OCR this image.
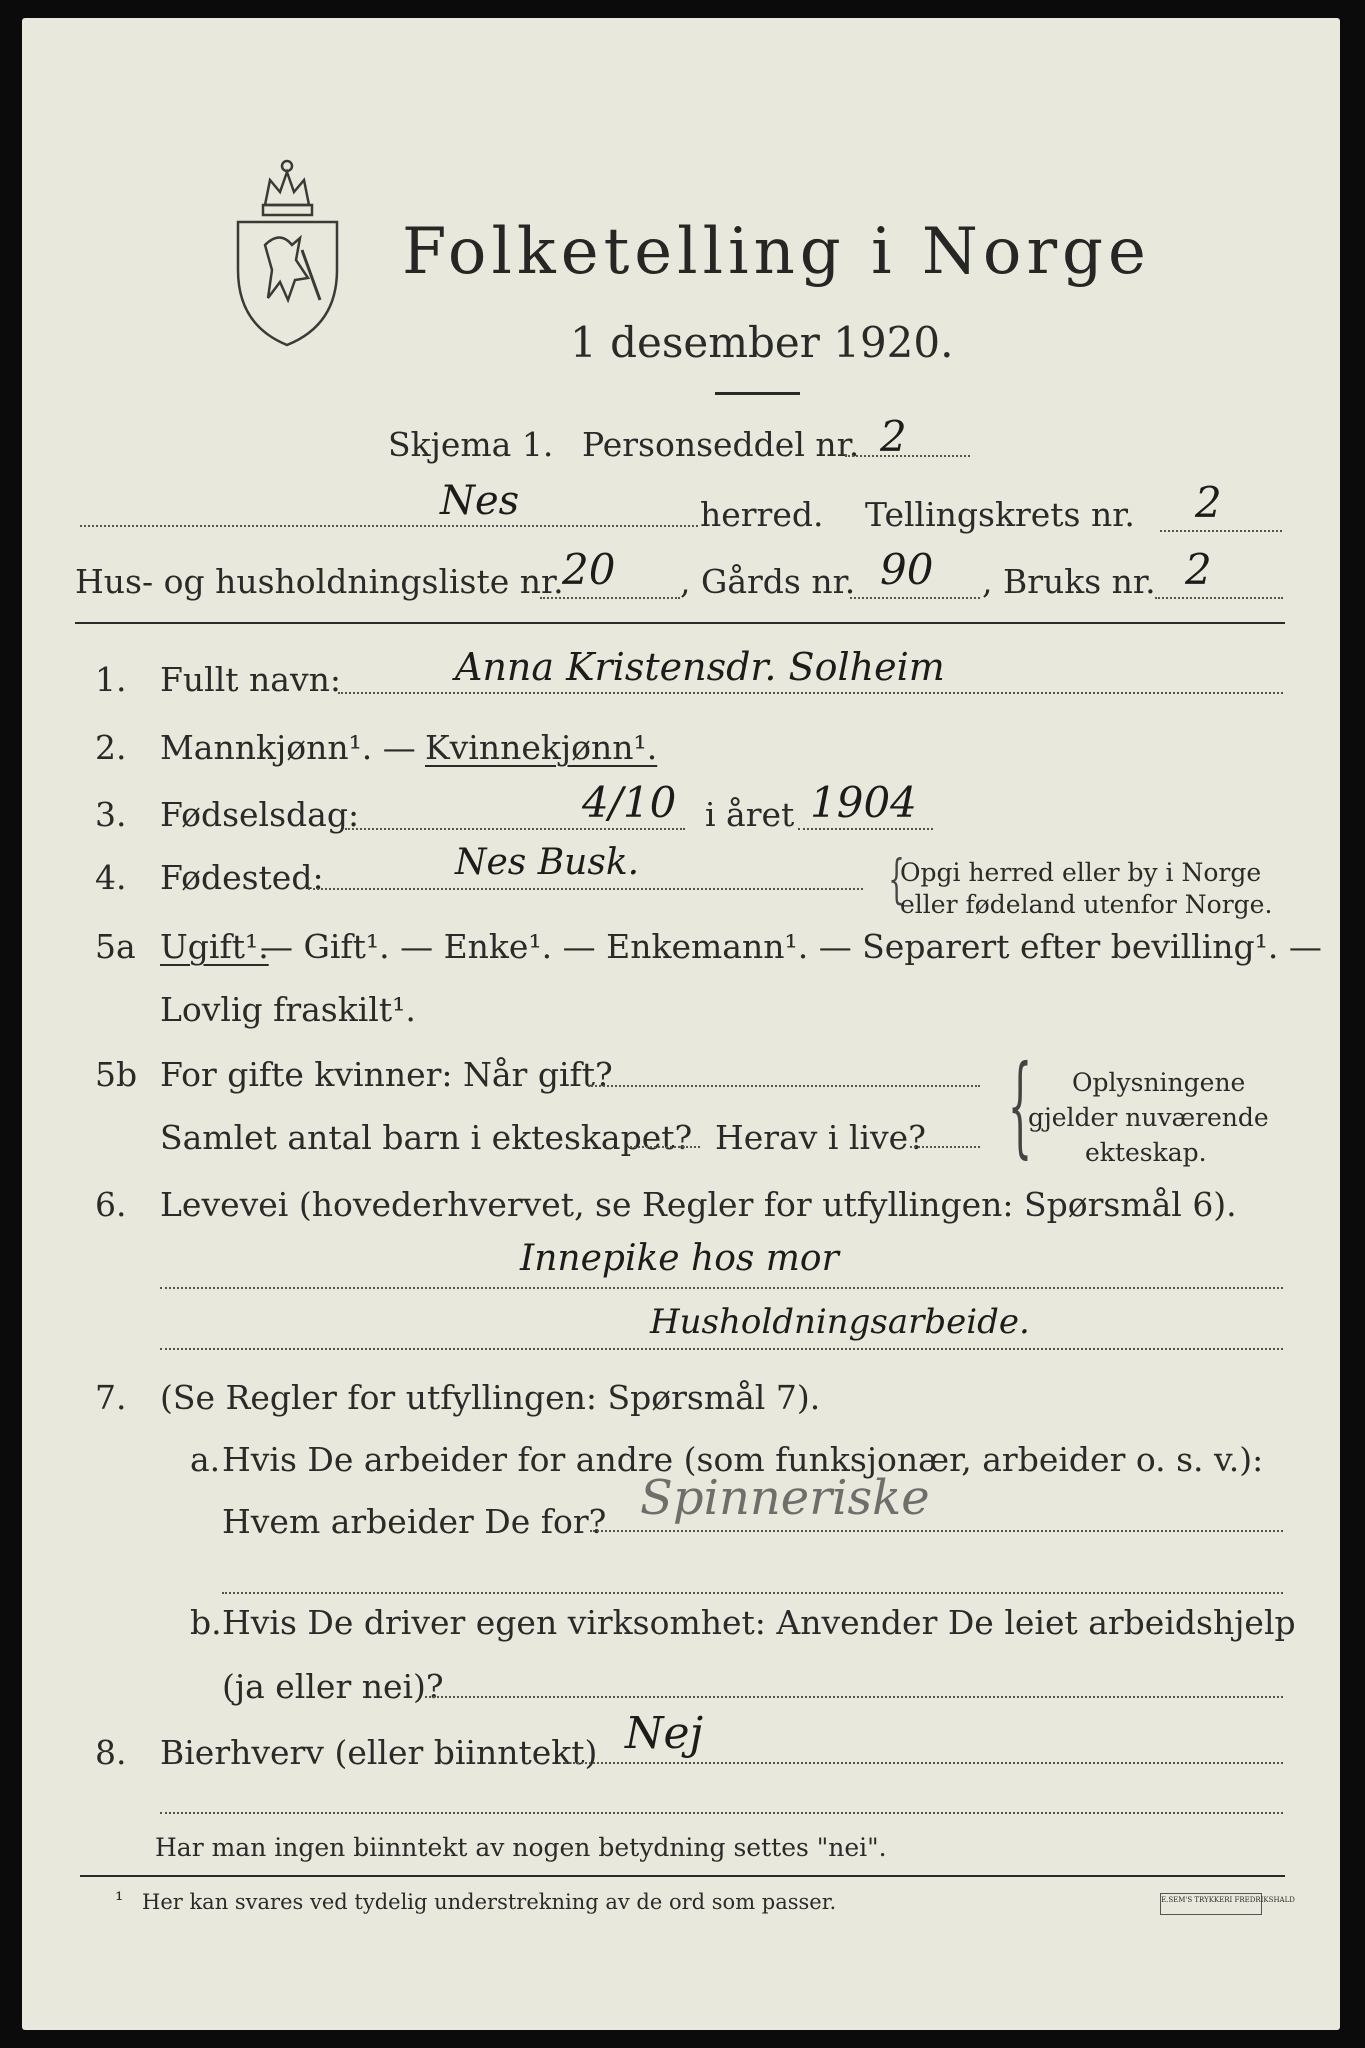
Folketelling i Norge
1 desember 1920.
Skjema 1. Personseddel nr. 2
Nes	herred. Tellingskrets nr. 2
Hus- og husholdningsliste nr.
20 , Gårds nr. 90 , Bruks nr. 2
1. Fullt navn:	Anna Kristensdr. Solheim
2. Mannkjønn¹. — Kvinnekjønn¹.
3. Fødselsdag:	4/10 i året 1904
4. Fødested:	Nes Busk.	{
Opgi herred eller by i Norge
eller fødeland utenfor Norge.
5a Ugift¹.
— Gift¹. — Enke¹. — Enkemann¹. — Separert efter bevilling¹. —
Lovlig fraskilt¹.
5b For gifte kvinner: Når gift?
Samlet antal barn i ekteskapet? Herav i live? { Oplysningene
gjelder nuværende
ekteskap.
6. Levevei (hovederhvervet, se Regler for utfyllingen: Spørsmål 6).
Innepike hos mor
Husholdningsarbeide.
7. (Se Regler for utfyllingen: Spørsmål 7).
a. Hvis De arbeider for andre (som funksjonær, arbeider o. s. v.):
Hvem arbeider De for? Spinneriske
b. Hvis De driver egen virksomhet: Anvender De leiet arbeidshjelp
(ja eller nei)?
8. Bierhverv (eller biinntekt) Nej
Har man ingen biinntekt av nogen betydning settes "nei".
¹ Her kan svares ved tydelig understrekning av de ord som passer.	E.SEM'S TRYKKERI FREDRIKSHALD
